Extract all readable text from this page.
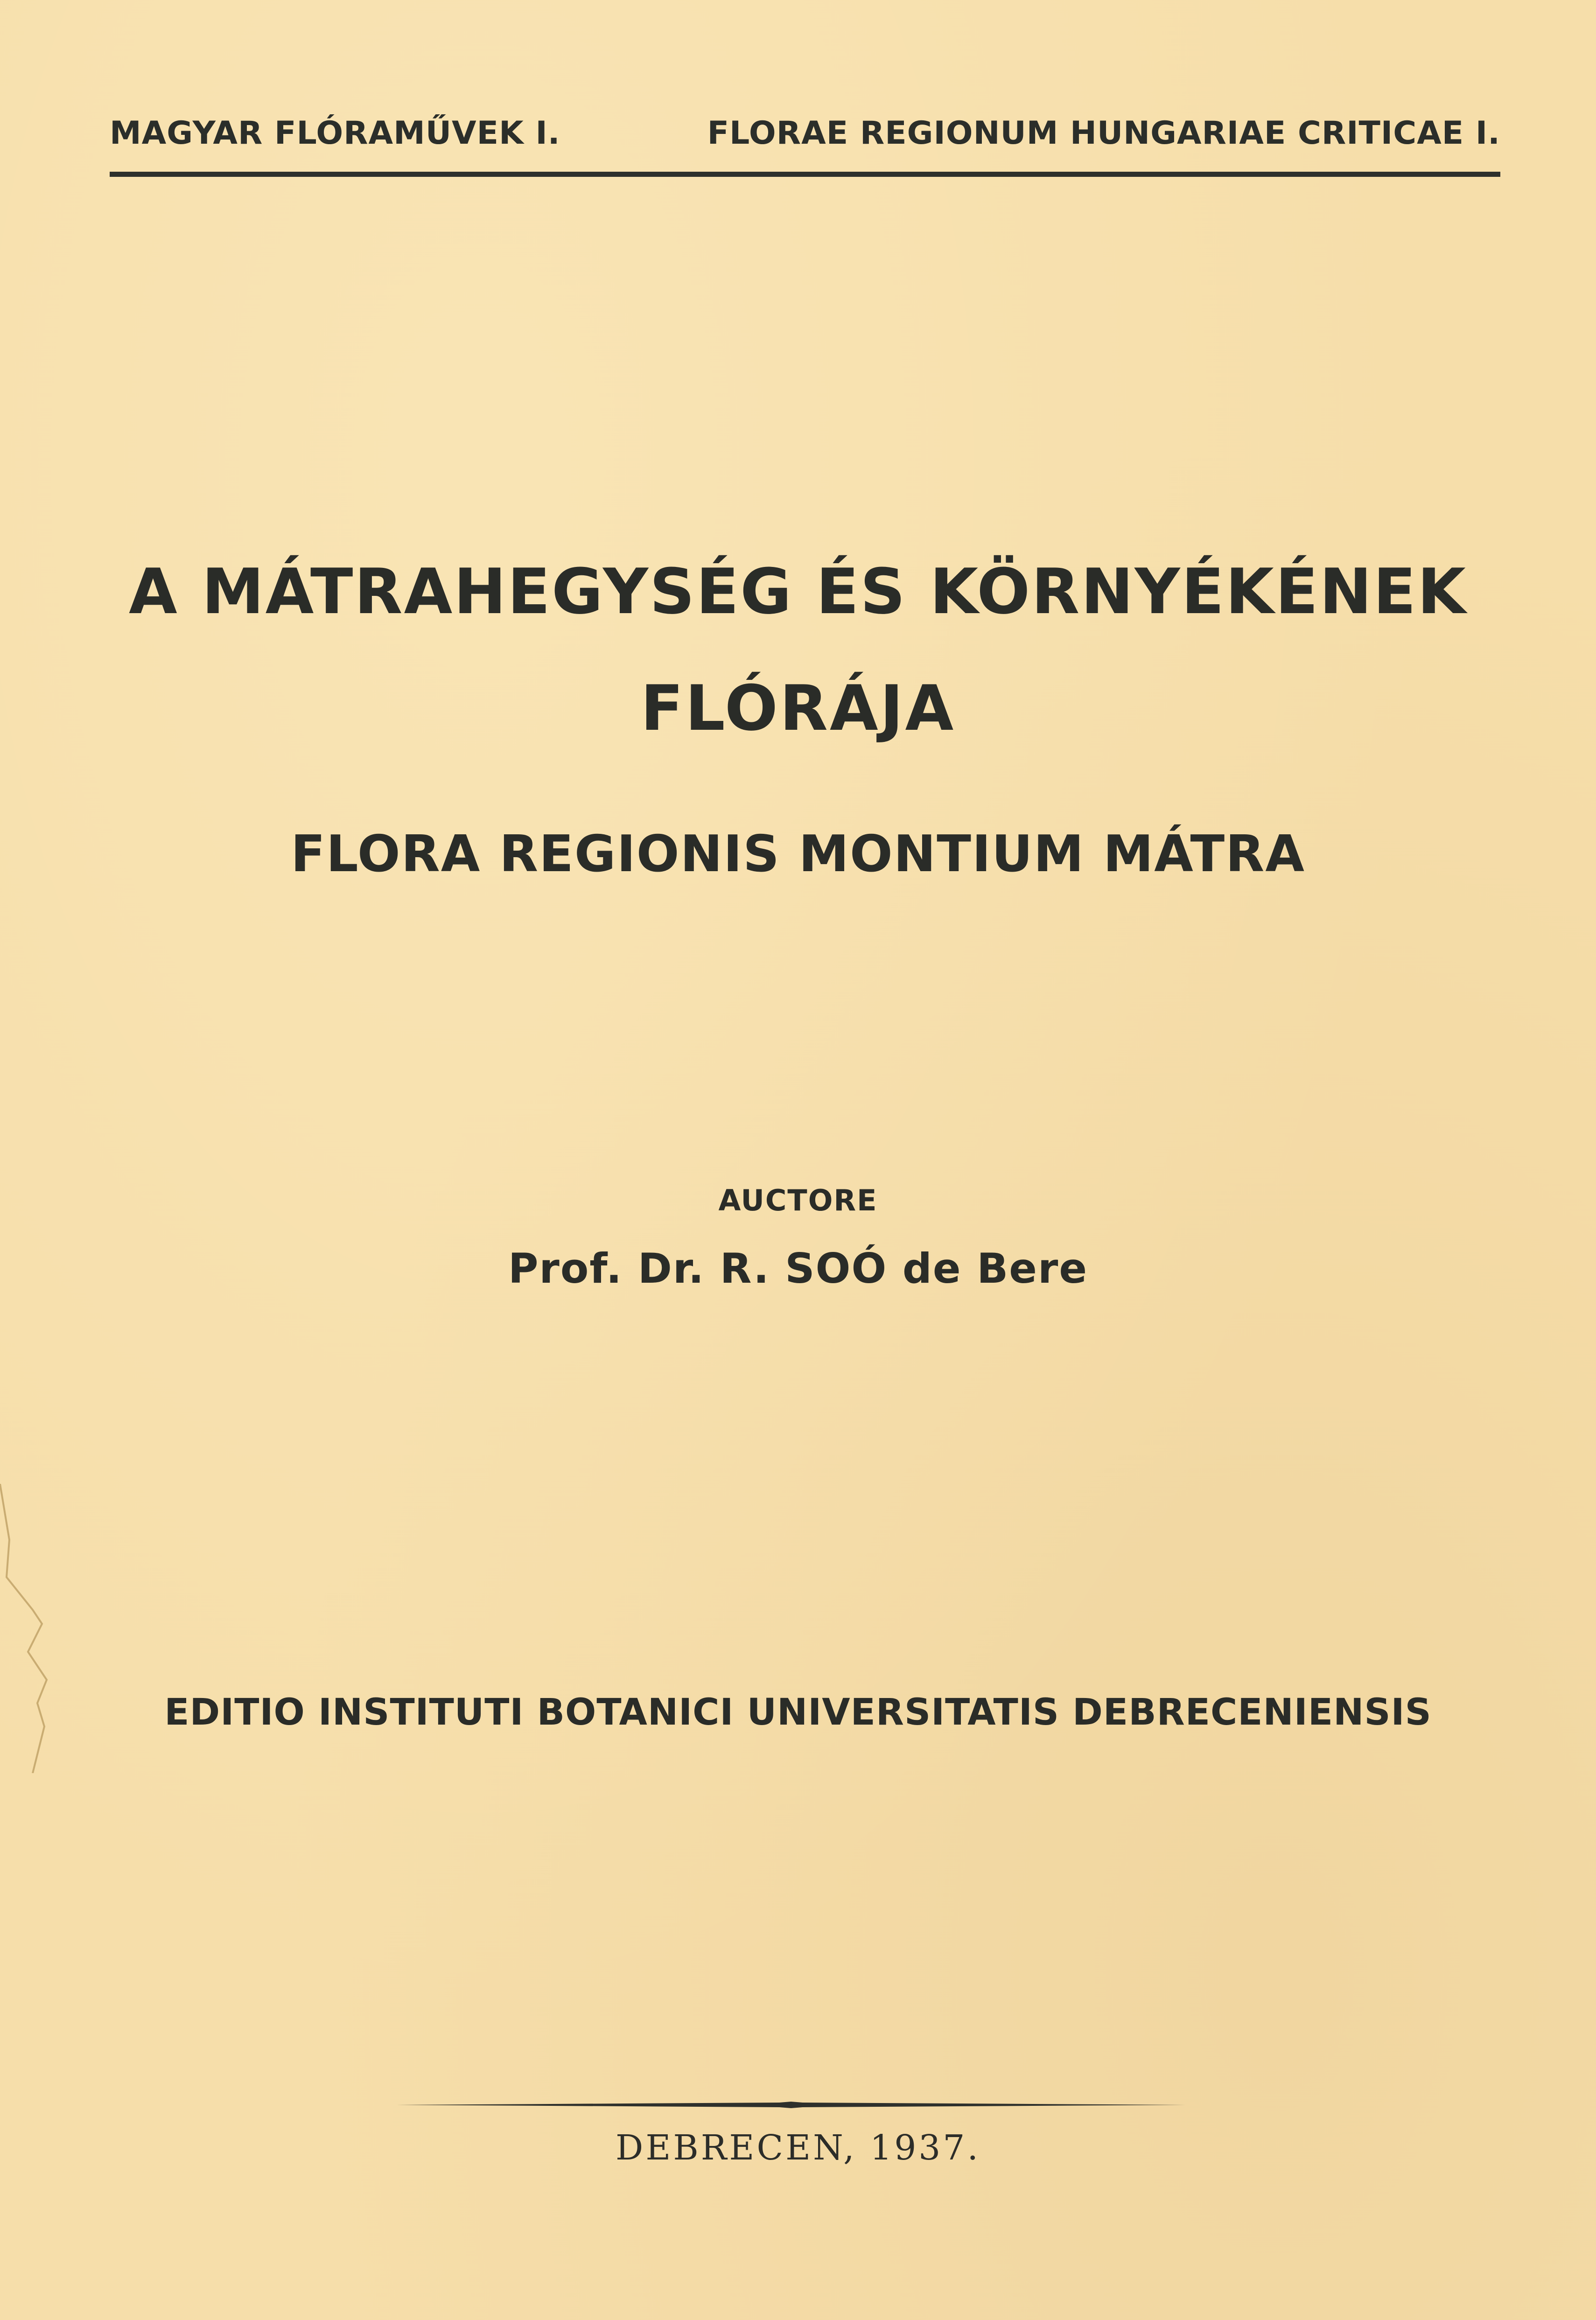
MAGYAR FLÓRAMŰVEK I.	FLORAE REGIONUM HUNGARIAE CRITICAE I.
A MÁTRAHEGYSÉG ÉS KÖRNYÉKÉNEK
FLÓRÁJA
FLORA REGIONIS MONTIUM MÁTRA
AUCTORE
Prof. Dr. R. SOÓ de Bere
EDITIO INSTITUTI BOTANICI UNIVERSITATIS DEBRECENIENSIS
DEBRECEN, 1937.
